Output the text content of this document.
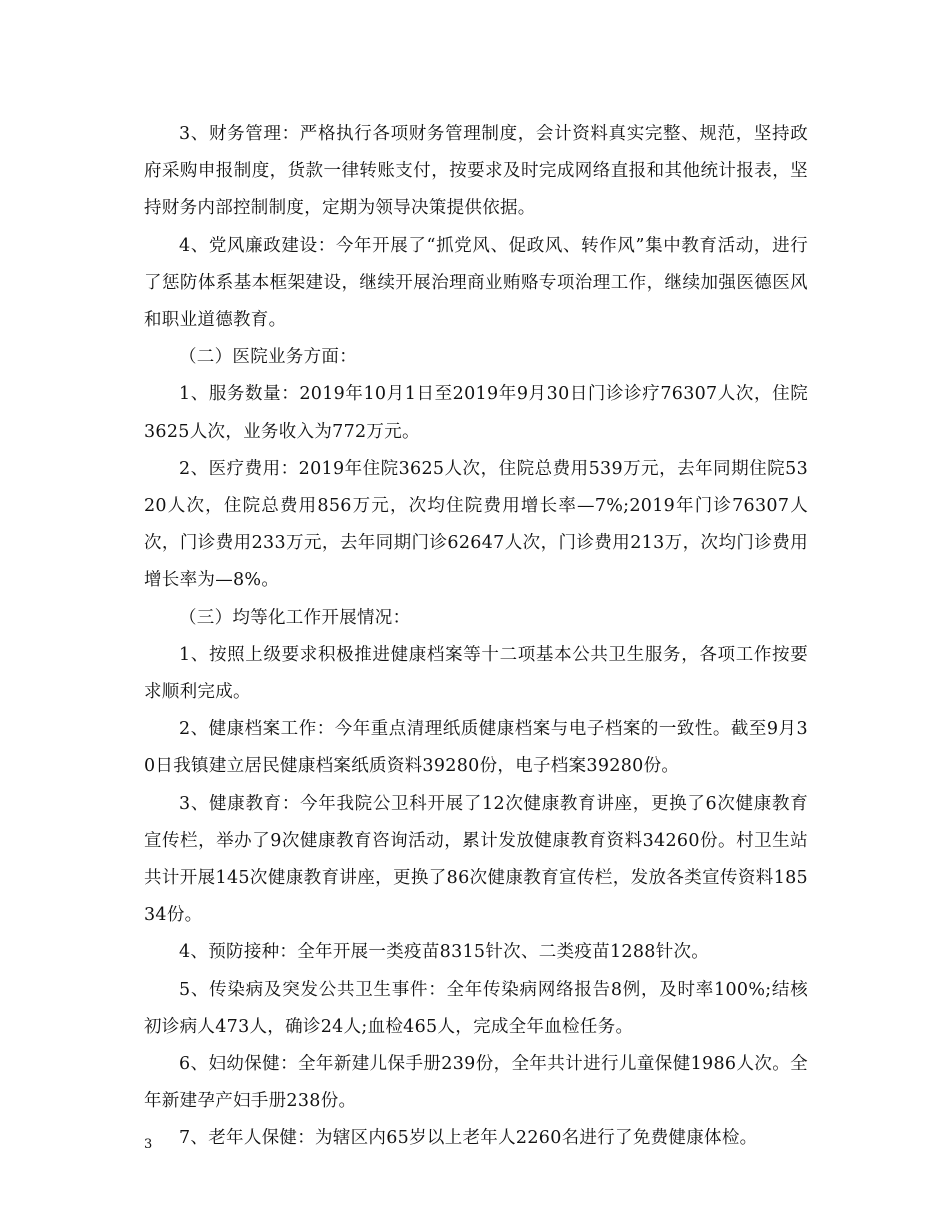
3、财务管理：严格执行各项财务管理制度，会计资料真实完整、规范，坚持政府采购申报制度，货款一律转账支付，按要求及时完成网络直报和其他统计报表，坚持财务内部控制制度，定期为领导决策提供依据。

4、党风廉政建设：今年开展了“抓党风、促政风、转作风”集中教育活动，进行了惩防体系基本框架建设，继续开展治理商业贿赂专项治理工作，继续加强医德医风和职业道德教育。

（二）医院业务方面：

1、服务数量：2019年10月1日至2019年9月30日门诊诊疗76307人次，住院3625人次，业务收入为772万元。

2、医疗费用：2019年住院3625人次，住院总费用539万元，去年同期住院5320人次，住院总费用856万元，次均住院费用增长率—7%;2019年门诊76307人次，门诊费用233万元，去年同期门诊62647人次，门诊费用213万，次均门诊费用增长率为—8%。

（三）均等化工作开展情况：

1、按照上级要求积极推进健康档案等十二项基本公共卫生服务，各项工作按要求顺利完成。

2、健康档案工作：今年重点清理纸质健康档案与电子档案的一致性。截至9月30日我镇建立居民健康档案纸质资料39280份，电子档案39280份。

3、健康教育：今年我院公卫科开展了12次健康教育讲座，更换了6次健康教育宣传栏，举办了9次健康教育咨询活动，累计发放健康教育资料34260份。村卫生站共计开展145次健康教育讲座，更换了86次健康教育宣传栏，发放各类宣传资料18534份。

4、预防接种：全年开展一类疫苗8315针次、二类疫苗1288针次。

5、传染病及突发公共卫生事件：全年传染病网络报告8例，及时率100%;结核初诊病人473人，确诊24人;血检465人，完成全年血检任务。

6、妇幼保健：全年新建儿保手册239份，全年共计进行儿童保健1986人次。全年新建孕产妇手册238份。

7、老年人保健：为辖区内65岁以上老年人2260名进行了免费健康体检。

3
